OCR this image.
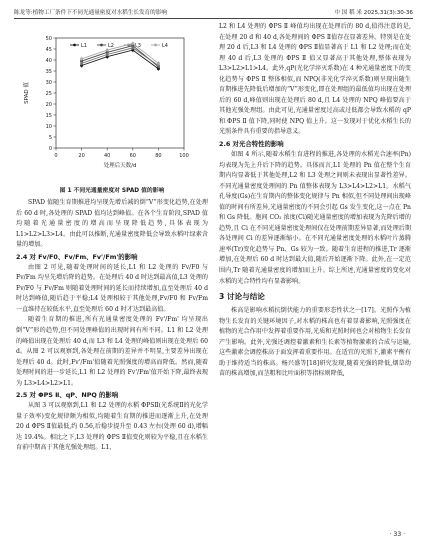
陈龙等:植物工厂条件下不同光通量密度对水稻生长发育的影响	中 国 稻 米 2025,31(3):30-36
0
5
10
15
20
25
30
35
40
45
50
0	20	40	60	80	100
处理后天数/d
SPAD 值
L1	L2	L3	L4
图 1 不同光通量密度对 SPAD 值的影响

SPAD 值随生育期推进均呈现先增后减的倒“V”形变化趋势,在处理后 60 d 时,各处理的 SPAD 值均达到峰值。在各个生育阶段,SPAD 值均随着光通量密度的增高而呈现降低趋势,具体表现为 L1>L2>L3>L4。由此可以推断,光通量密度降低会导致水稻叶绿素含量的增加。

2.4 对 Fv/F0、Fv/Fm、Fv'/Fm'的影响

由图 2 可见,随着处理时间的延长,L1 和 L2 处理的 Fv/F0 与 Fv/Fm 均呈先增后降的趋势。在处理后 40 d 时达到最高值,L3 处理的 Fv/F0 与 Fv/Fm 则随着处理时间的延长而持续增加,直至处理后 40 d 时达到峰值,随后趋于平稳;L4 处理相较于其他处理,Fv/F0 和 Fv/Fm 一直维持在较低水平,直至处理后 60 d 时才达到最高值。

随着生育期的推进,所有光通量密度处理的 Fv'/Fm' 均呈现出倒“V”形的趋势,但不同处理峰值的出现时间有所不同。L1 和 L2 处理的峰值出现在处理后 40 d,而 L3 和 L4 处理的峰值则出现在处理后 60 d。从图 2 可以观察到,各处理在前期的差异并不明显,主要差异出现在处理后 40 d。此时,Fv'/Fm'值随着光照强度的增高而降低。然而,随着处理时间的进一步延长,L1 和 L2 处理的 Fv'/Fm'值开始下降,最终表现为 L3>L4>L2>L1。

2.5 对 ΦPS Ⅱ、qP、NPQ 的影响

从图 3 可以观察到,L1 和 L2 处理的水稻 ΦPSⅡ(光系统Ⅱ的光化学量子效率)变化规律颇为相似,均随着生育期的推进而逐渐上升,在处理 20 d ΦPS Ⅱ值最低,约 0.56,后稳步提升至 0.43 左右(处理 60 d),增幅达 19.4%。相比之下,L3 处理的 ΦPS Ⅱ值变化则较为平稳,且在水稻生育前中期高于其他光强处理组。L1、

L2 和 L4 处理的 ΦPS Ⅱ 峰值均出现在处理后的 80 d,值得注意的是,在处理 20 d 和 40 d,各处理间的 ΦPS Ⅱ值存在显著差异。特别是在处理 20 d 后,L3 和 L4 处理的 ΦPS Ⅱ值显著高于 L1 和 L2 处理;而在处理 40 d 后,L3 处理的 ΦPS Ⅱ 值又显著高于其他处理,整体表现为 L3>L2>L1>L4。此外,qP(光化学淬灭系数)在 4 种光通量密度下的变化趋势与 ΦPS Ⅱ 整体相似,而 NPQ(非光化学淬灭系数)则呈现出随生育期推进先降低后增加的“V”形变化,即在处理组的最低值均出现在处理后的 60 d,峰值则出现在处理后 80 d,且 L4 处理的 NPQ 峰值要高于其他光强处理组。由此可见,光通量密度过高或过低都会导致水稻的 qP 和 ΦPS Ⅱ 值下降,同时使 NPQ 值上升。这一发现对于优化水稻生长的光照条件具有重要的指导意义。

2.6 对光合特性的影响

如图 4 所示,随着水稻生育进程的推进,各处理的水稻光合速率(Pn)均表现为先上升后下降的趋势。具体而言,L1 处理的 Pn 值在整个生育期内均显著低于其他处理,L2 和 L3 处理之间则未表现出显著性差异。不同光通量密度处理间的 Pn 值整体表现为 L3>L4>L2>L1。水稻气孔导度(Gs)在生育期内的整体变化规律与 Pn 相似,但不同处理间出现峰值的时间有所差异,光通量密度的不同会引起 Gs 发生变化,这一点在 Pn 和 Gs 降低。胞间 CO₂ 浓度(Ci)随光通量密度的增加表现为先降后增的趋势,且 Ci 在不同光通量密度处理间仅在处理前期差异显著,而处理后期各处理间 Ci 的差异逐渐缩小。在不同光通量密度处理的水稻叶片蒸腾速率(Tr)变化趋势与 Pn、Gs 较为一致。随着生育进程的推进,Tr 逐渐增加,在处理后 60 d 时达到最大值,随后开始逐渐下降。此外,在一定范围内,Tr 随着光通量密度的增加而上升。综上所述,光通量密度的变化对水稻的光合特性均有显著影响。

3 讨论与结论

株高是影响水稻抗倒伏能力的重要形态性状之一[17]。光照作为植物生长发育的关键环境因子,对水稻的株高也有着显著影响,光照强度在植物的光合作用中发挥着重要作用,光质和光照时间也会对植物生长发育产生影响。此外,光强还调控着激素和生长素等植物激素的合成与运输,这些激素会调控株高于面发挥着重要作用。在适宜的光照下,激素平衡有助于维持适当的株高。杨兴盛等[18]研究发现,随着光强的降低,烟草幼苗的株高增加,而茎粗和比叶面积等指标则降低,

· 33 ·
